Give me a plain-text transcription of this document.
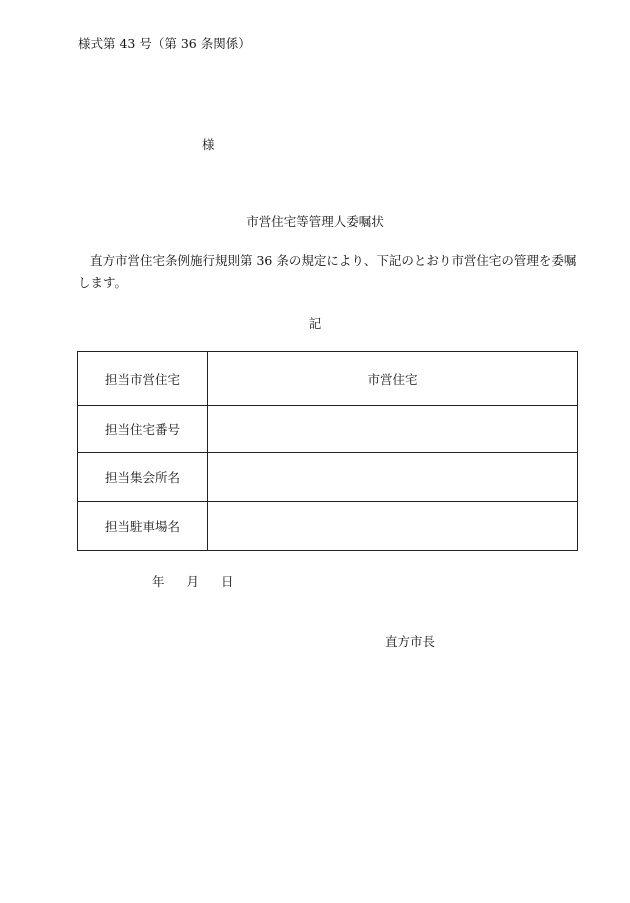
様式第 43 号（第 36 条関係）
様
市営住宅等管理人委嘱状
直方市営住宅条例施行規則第 36 条の規定により、下記のとおり市営住宅の管理を委嘱
します。
記
担当市営住宅	市営住宅
担当住宅番号	
担当集会所名	
担当駐車場名	
年 月 日
直方市長
